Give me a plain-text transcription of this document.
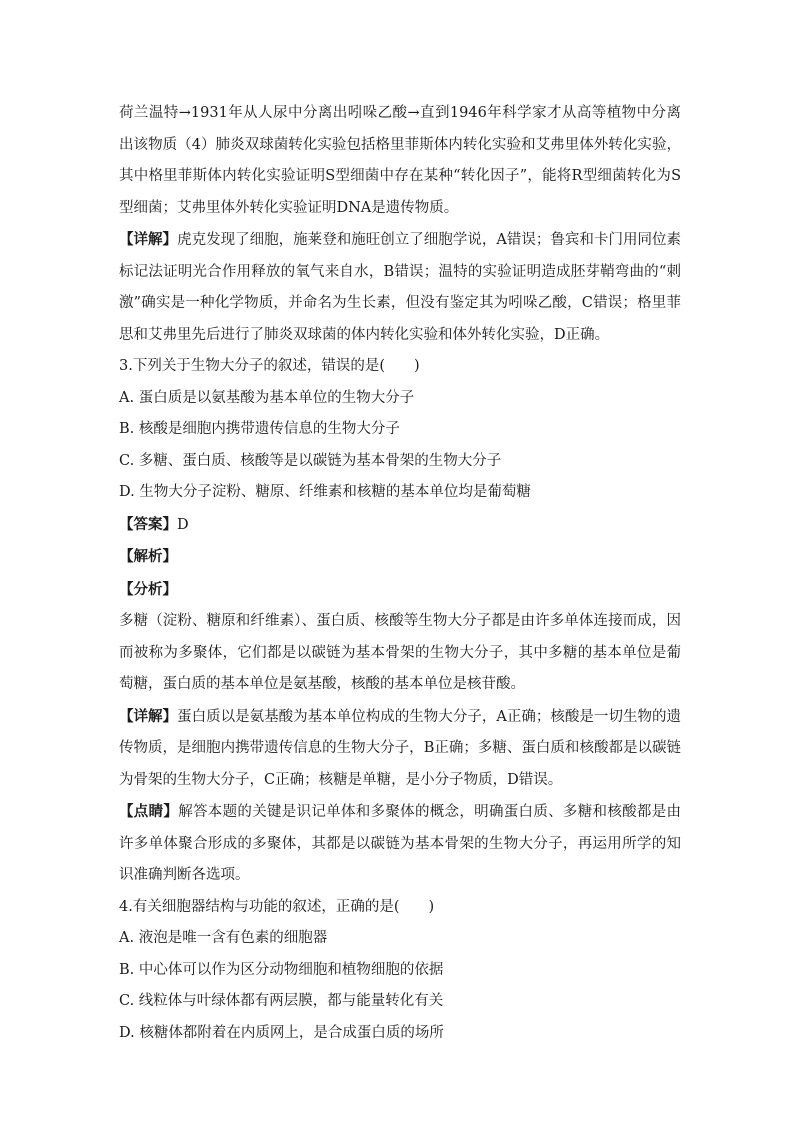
荷兰温特→1931年从人尿中分离出吲哚乙酸→直到1946年科学家才从高等植物中分离出该物质（4）肺炎双球菌转化实验包括格里菲斯体内转化实验和艾弗里体外转化实验，其中格里菲斯体内转化实验证明S型细菌中存在某种“转化因子”，能将R型细菌转化为S型细菌；艾弗里体外转化实验证明DNA是遗传物质。

【详解】虎克发现了细胞，施莱登和施旺创立了细胞学说，A错误；鲁宾和卡门用同位素标记法证明光合作用释放的氧气来自水，B错误；温特的实验证明造成胚芽鞘弯曲的“刺激”确实是一种化学物质，并命名为生长素，但没有鉴定其为吲哚乙酸，C错误；格里菲思和艾弗里先后进行了肺炎双球菌的体内转化实验和体外转化实验，D正确。

3.下列关于生物大分子的叙述，错误的是(　　)

A. 蛋白质是以氨基酸为基本单位的生物大分子

B. 核酸是细胞内携带遗传信息的生物大分子

C. 多糖、蛋白质、核酸等是以碳链为基本骨架的生物大分子

D. 生物大分子淀粉、糖原、纤维素和核糖的基本单位均是葡萄糖

【答案】D

【解析】

【分析】

多糖（淀粉、糖原和纤维素）、蛋白质、核酸等生物大分子都是由许多单体连接而成，因而被称为多聚体，它们都是以碳链为基本骨架的生物大分子，其中多糖的基本单位是葡萄糖，蛋白质的基本单位是氨基酸，核酸的基本单位是核苷酸。

【详解】蛋白质以是氨基酸为基本单位构成的生物大分子，A正确；核酸是一切生物的遗传物质，是细胞内携带遗传信息的生物大分子，B正确；多糖、蛋白质和核酸都是以碳链为骨架的生物大分子，C正确；核糖是单糖，是小分子物质，D错误。

【点睛】解答本题的关键是识记单体和多聚体的概念，明确蛋白质、多糖和核酸都是由许多单体聚合形成的多聚体，其都是以碳链为基本骨架的生物大分子，再运用所学的知识准确判断各选项。

4.有关细胞器结构与功能的叙述，正确的是(　　)

A. 液泡是唯一含有色素的细胞器

B. 中心体可以作为区分动物细胞和植物细胞的依据

C. 线粒体与叶绿体都有两层膜，都与能量转化有关

D. 核糖体都附着在内质网上，是合成蛋白质的场所
